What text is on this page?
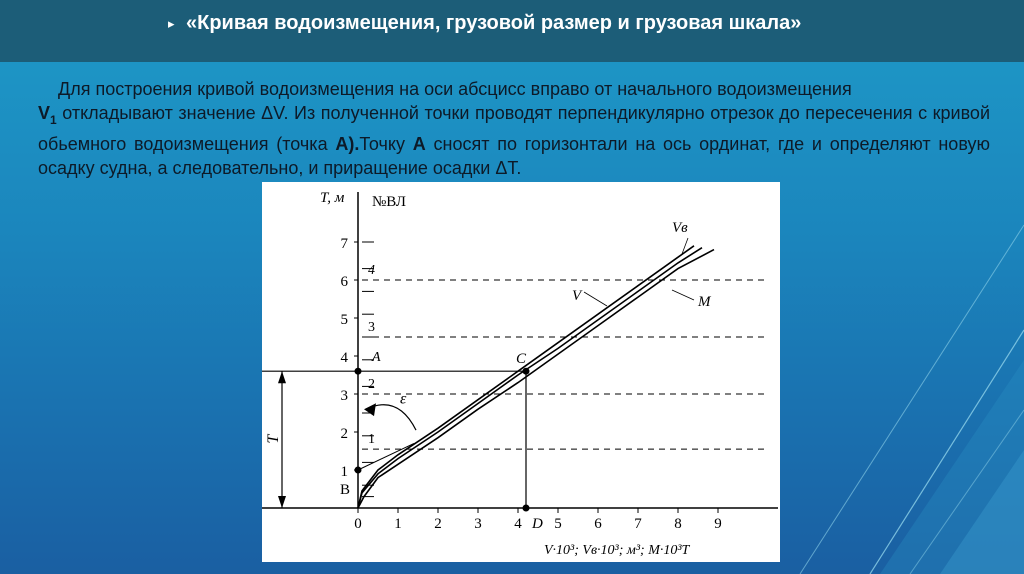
▸ «Кривая водоизмещения, грузовой размер и грузовая шкала»
Для построения кривой водоизмещения на оси абсцисс вправо от начального водоизмещения
$V_1$ откладывают значение ΔV. Из полученной точки проводят перпендикулярно отрезок до пересечения с кривой обьемного водоизмещения (точка A).Точку A сносят по горизонтали на ось ординат, где и определяют новую осадку судна, а следовательно, и приращение осадки ΔT.
T, м №ВЛ
V·10³; Vв·10³; м³; M·10³T
0 1 2 3 4 5 6 7 8 9
1
2
3
4
5
6
7
1
2
3
4
Vв
V	M
C
D
A
B
T
ε
